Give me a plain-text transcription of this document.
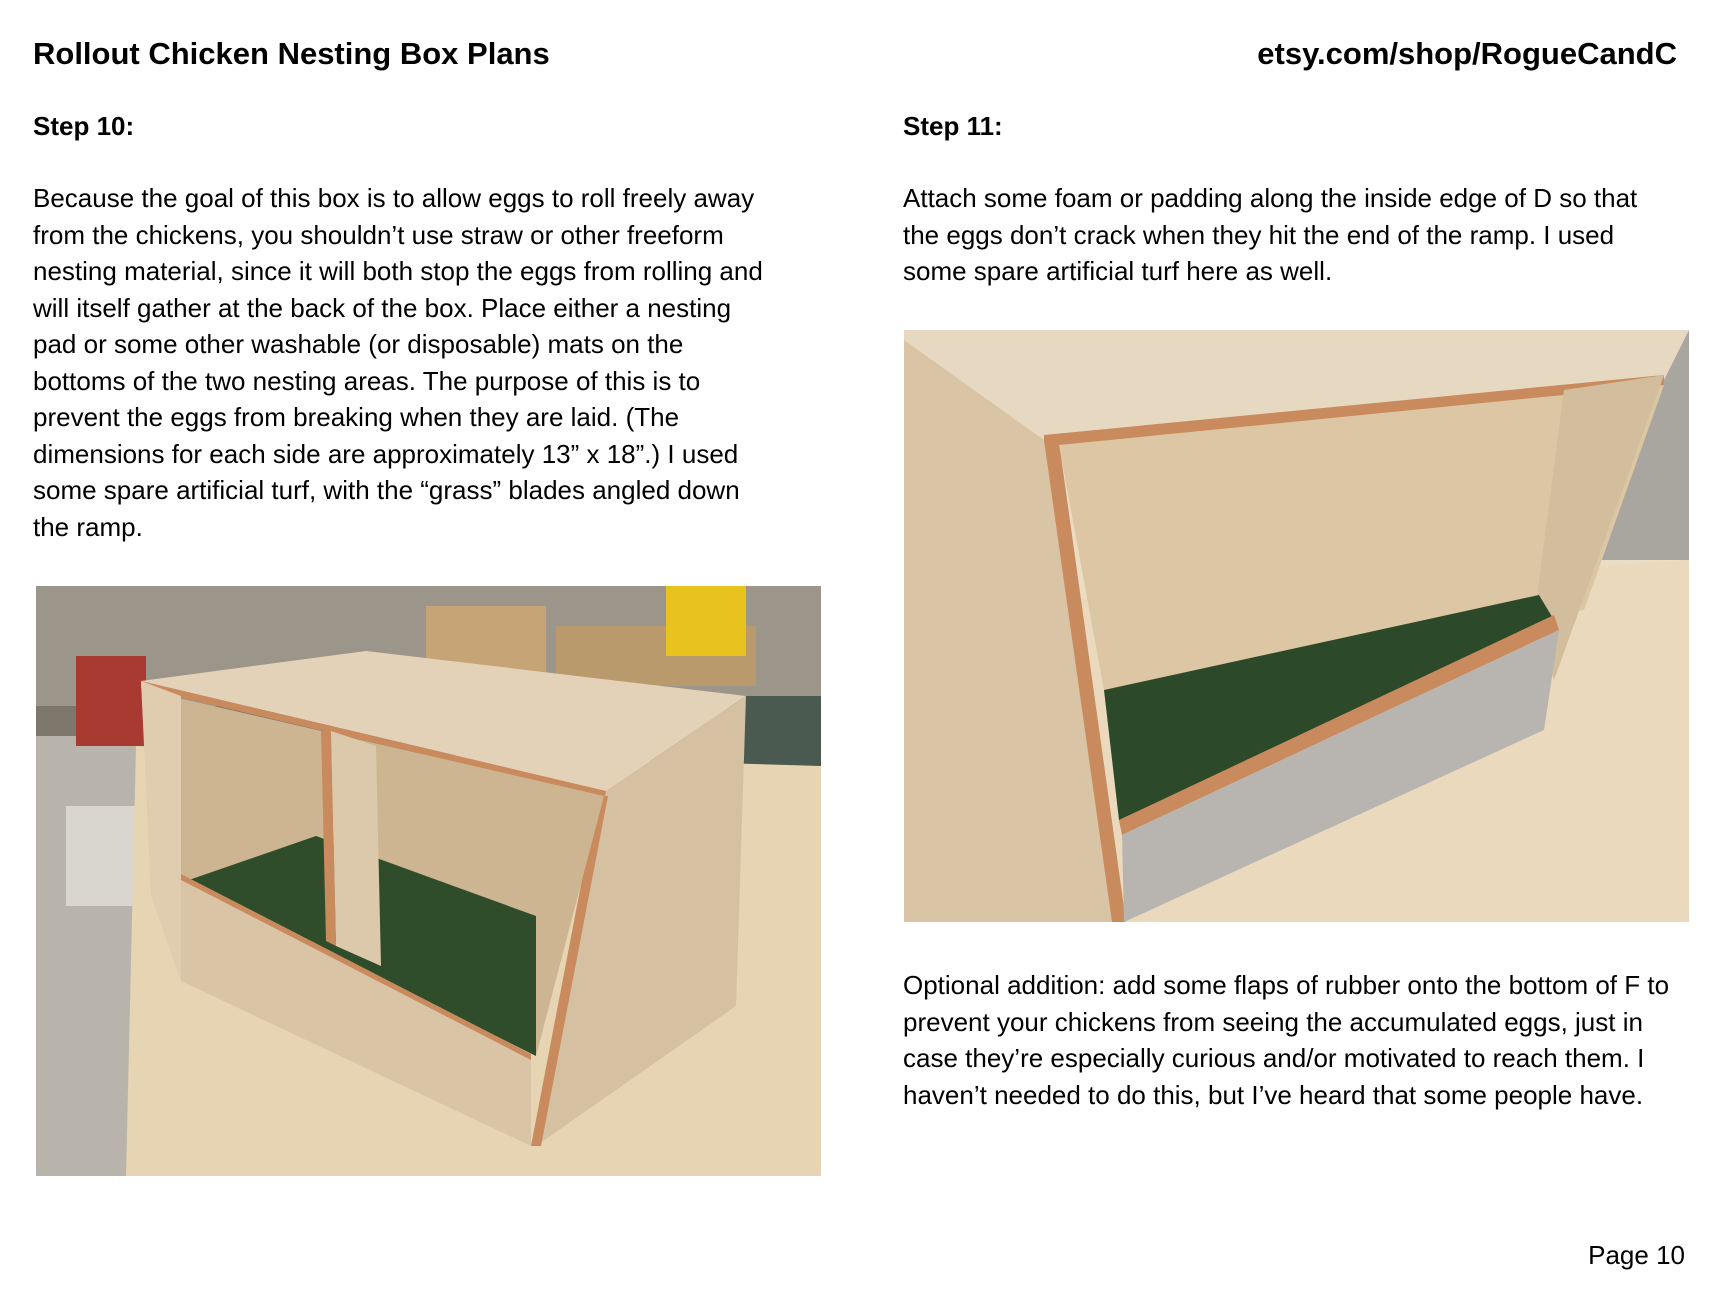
Rollout Chicken Nesting Box Plans	etsy.com/shop/RogueCandC
Step 10:

Because the goal of this box is to allow eggs to roll freely away
from the chickens, you shouldn’t use straw or other freeform
nesting material, since it will both stop the eggs from rolling and
will itself gather at the back of the box. Place either a nesting
pad or some other washable (or disposable) mats on the
bottoms of the two nesting areas. The purpose of this is to
prevent the eggs from breaking when they are laid. (The
dimensions for each side are approximately 13” x 18”.) I used
some spare artificial turf, with the “grass” blades angled down
the ramp.

Step 11:

Attach some foam or padding along the inside edge of D so that
the eggs don’t crack when they hit the end of the ramp. I used
some spare artificial turf here as well.

Optional addition: add some flaps of rubber onto the bottom of F to prevent your chickens from seeing the accumulated eggs, just in case they’re especially curious and/or motivated to reach them. I haven’t needed to do this, but I’ve heard that some people have.

Page 10
